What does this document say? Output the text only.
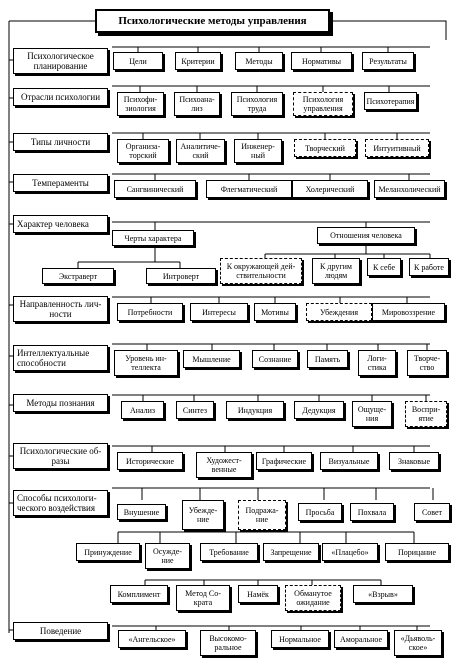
Психологические методы управления
Психологическое
планирование
Отрасли психологии
Типы личности
Темпераменты
Характер человека
Направленность лич-
ности
Интеллектуальные
способности
Методы познания
Психологические об-
разы
Способы психологи-
ческого воздействия
Поведение
Цели	Критерии	Методы	Нормативы	Результаты
Психофи-
зиология
Психоана-
лиз
Психология
труда
Психология
управления
Психотерапия
Организа-
торский
Аналитиче-
ский
Инженер-
ный
Творческий	Интуитивный
Сангвинический	Флегматический	Холерический	Меланхолический
Черты характера	Отношения человека
Экстраверт	Интроверт
К окружающей дей-
ствительности
К другим
людям
К себе	К работе
Потребности	Интересы	Мотивы	Убеждения	Мировоззрение
Уровень ин-
теллекта
Мышление	Сознание	Память	Логи-
стика
Творче-
ство
Анализ	Синтез	Индукция	Дедукция	Ощуще-
ния
Воспри-
ятие
Исторические	Художест-
венные
Графические	Визуальные	Знаковые
Внушение	Убежде-
ние
Подража-
ние
Просьба	Похвала	Совет
Принуждение	Осужде-
ние
Требование	Запрещение	«Плацебо»	Порицание
Комплимент	Метод Со-
крата
Намёк	Обманутое
ожидание
«Взрыв»
«Ангельское»	Высокомо-
ральное
Нормальное	Аморальное	«Дьяволь-
ское»
